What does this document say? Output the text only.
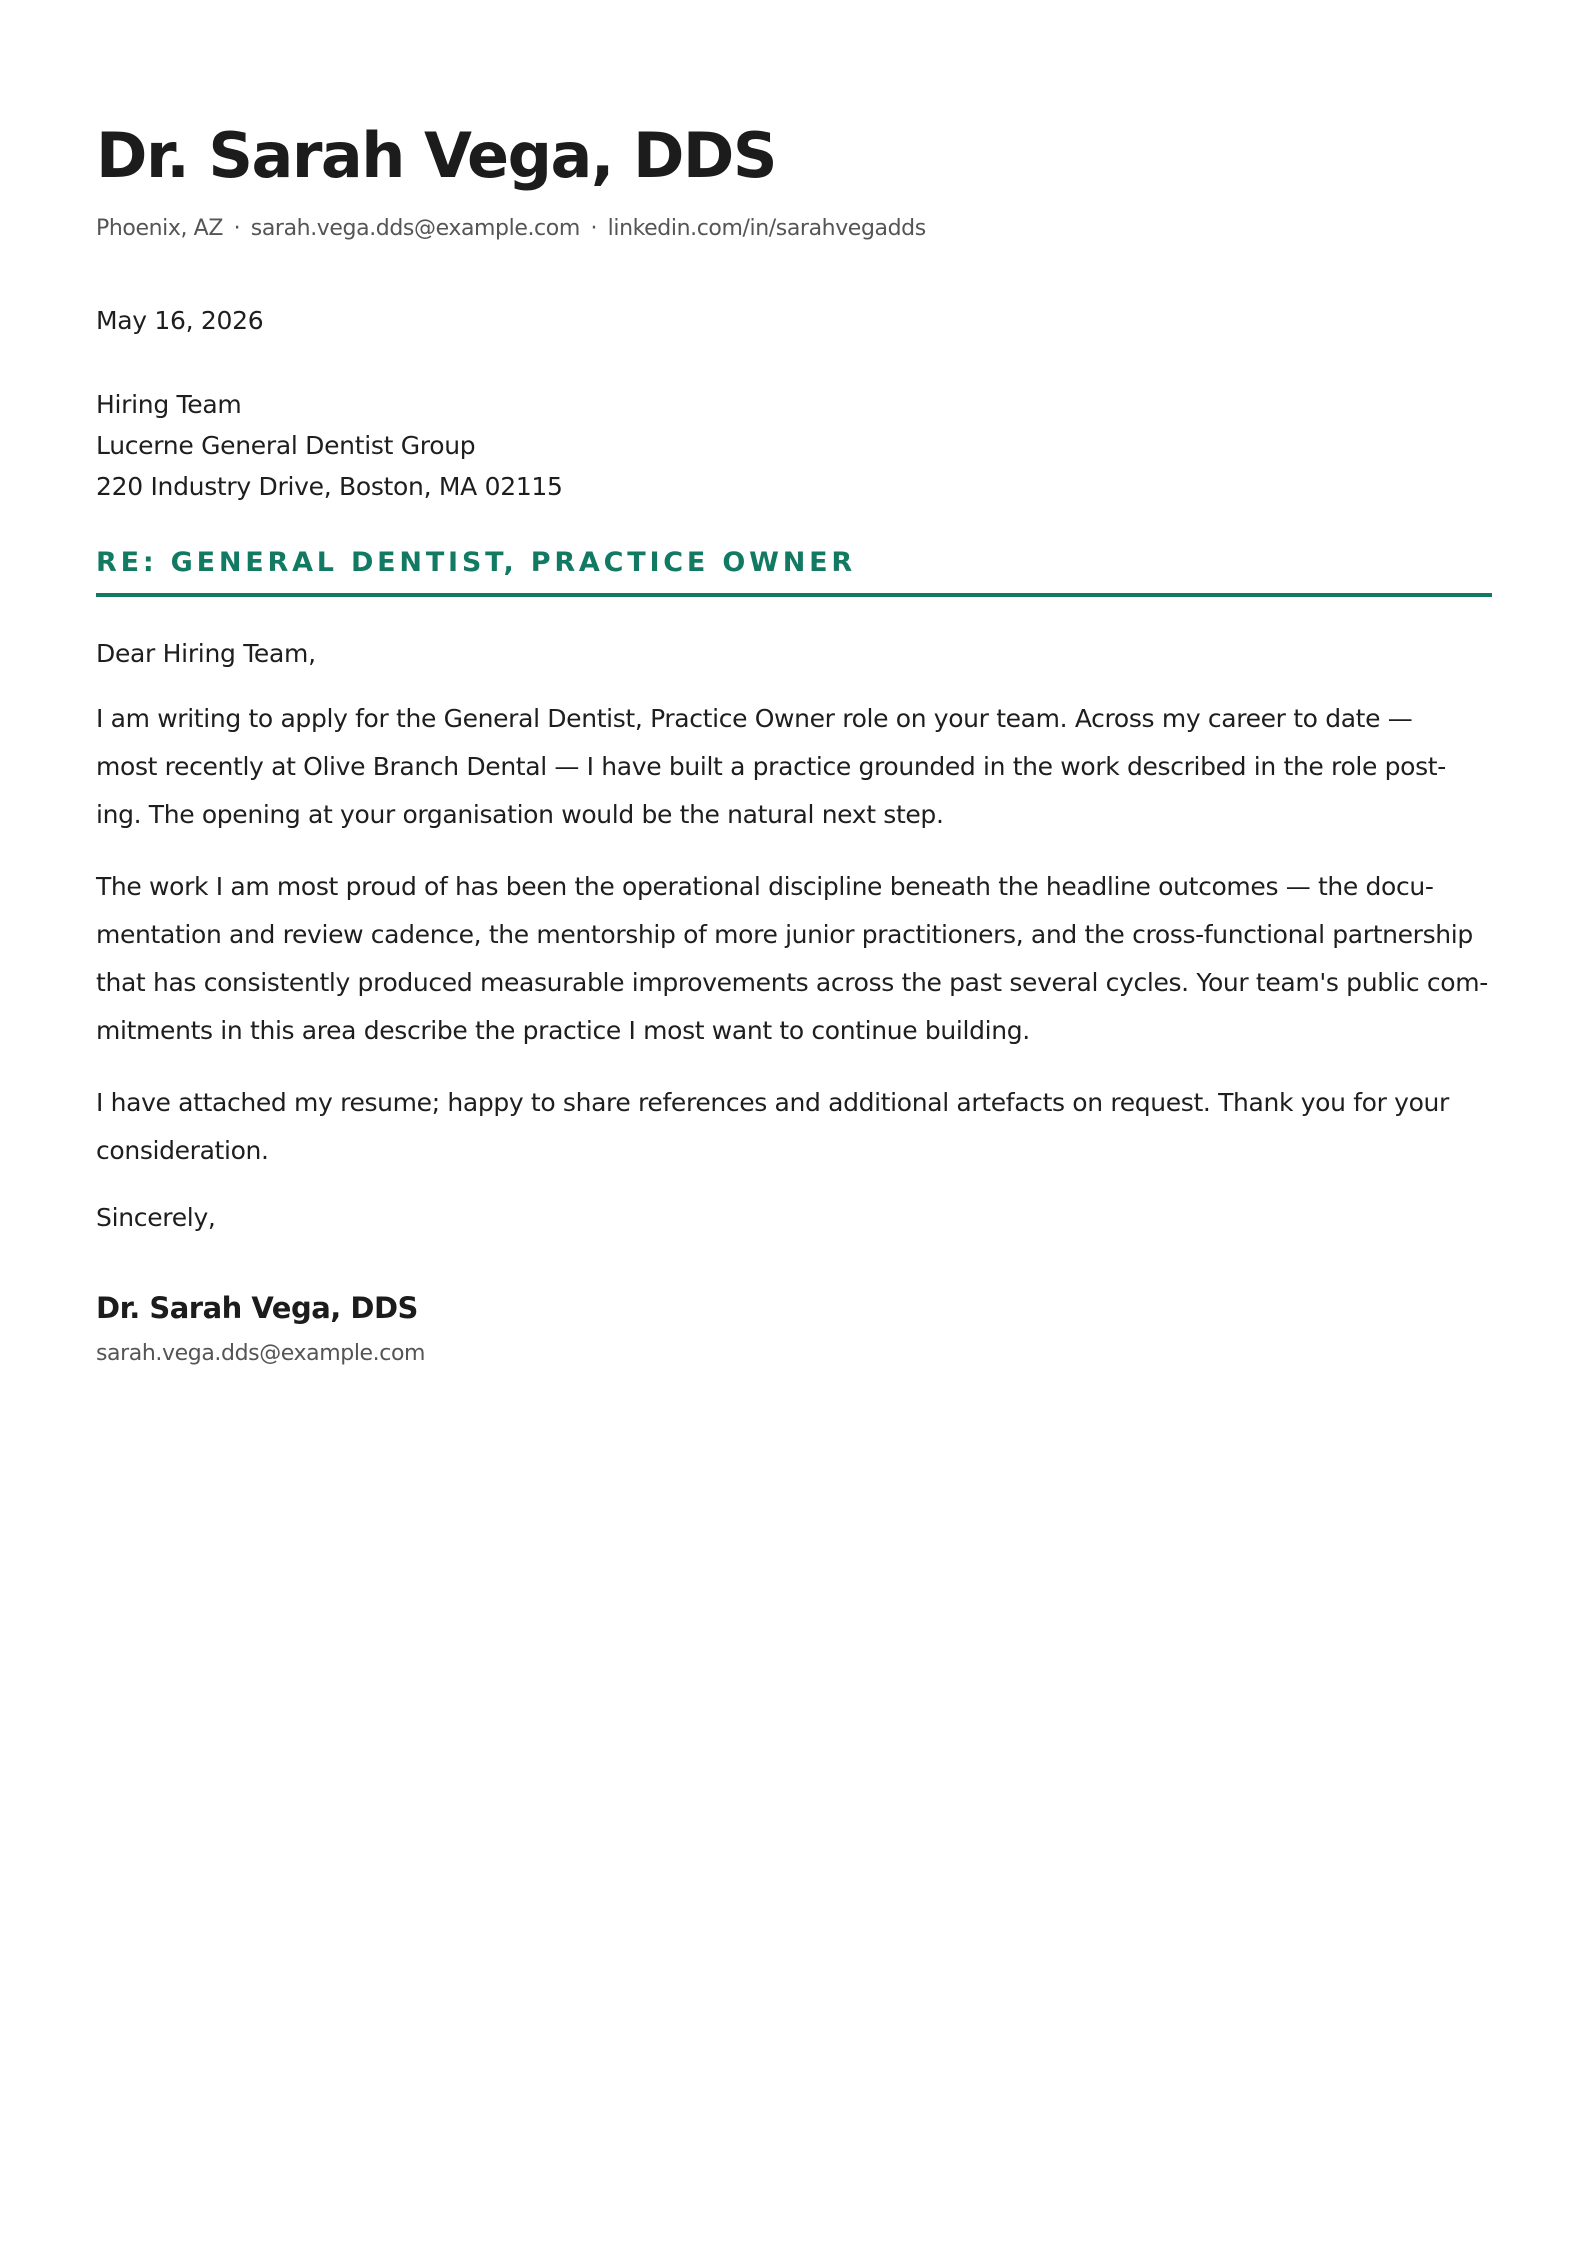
Dr. Sarah Vega, DDS
Phoenix, AZ · sarah.vega.dds@example.com · linkedin.com/in/sarahvegadds
May 16, 2026
Hiring Team
Lucerne General Dentist Group
220 Industry Drive, Boston, MA 02115
RE: GENERAL DENTIST, PRACTICE OWNER

Dear Hiring Team,

I am writing to apply for the General Dentist, Practice Owner role on your team. Across my career to date —
most recently at Olive Branch Dental — I have built a practice grounded in the work described in the role post-
ing. The opening at your organisation would be the natural next step.

The work I am most proud of has been the operational discipline beneath the headline outcomes — the docu-
mentation and review cadence, the mentorship of more junior practitioners, and the cross-functional partnership
that has consistently produced measurable improvements across the past several cycles. Your team's public com-
mitments in this area describe the practice I most want to continue building.

I have attached my resume; happy to share references and additional artefacts on request. Thank you for your
consideration.

Sincerely,

Dr. Sarah Vega, DDS
sarah.vega.dds@example.com
